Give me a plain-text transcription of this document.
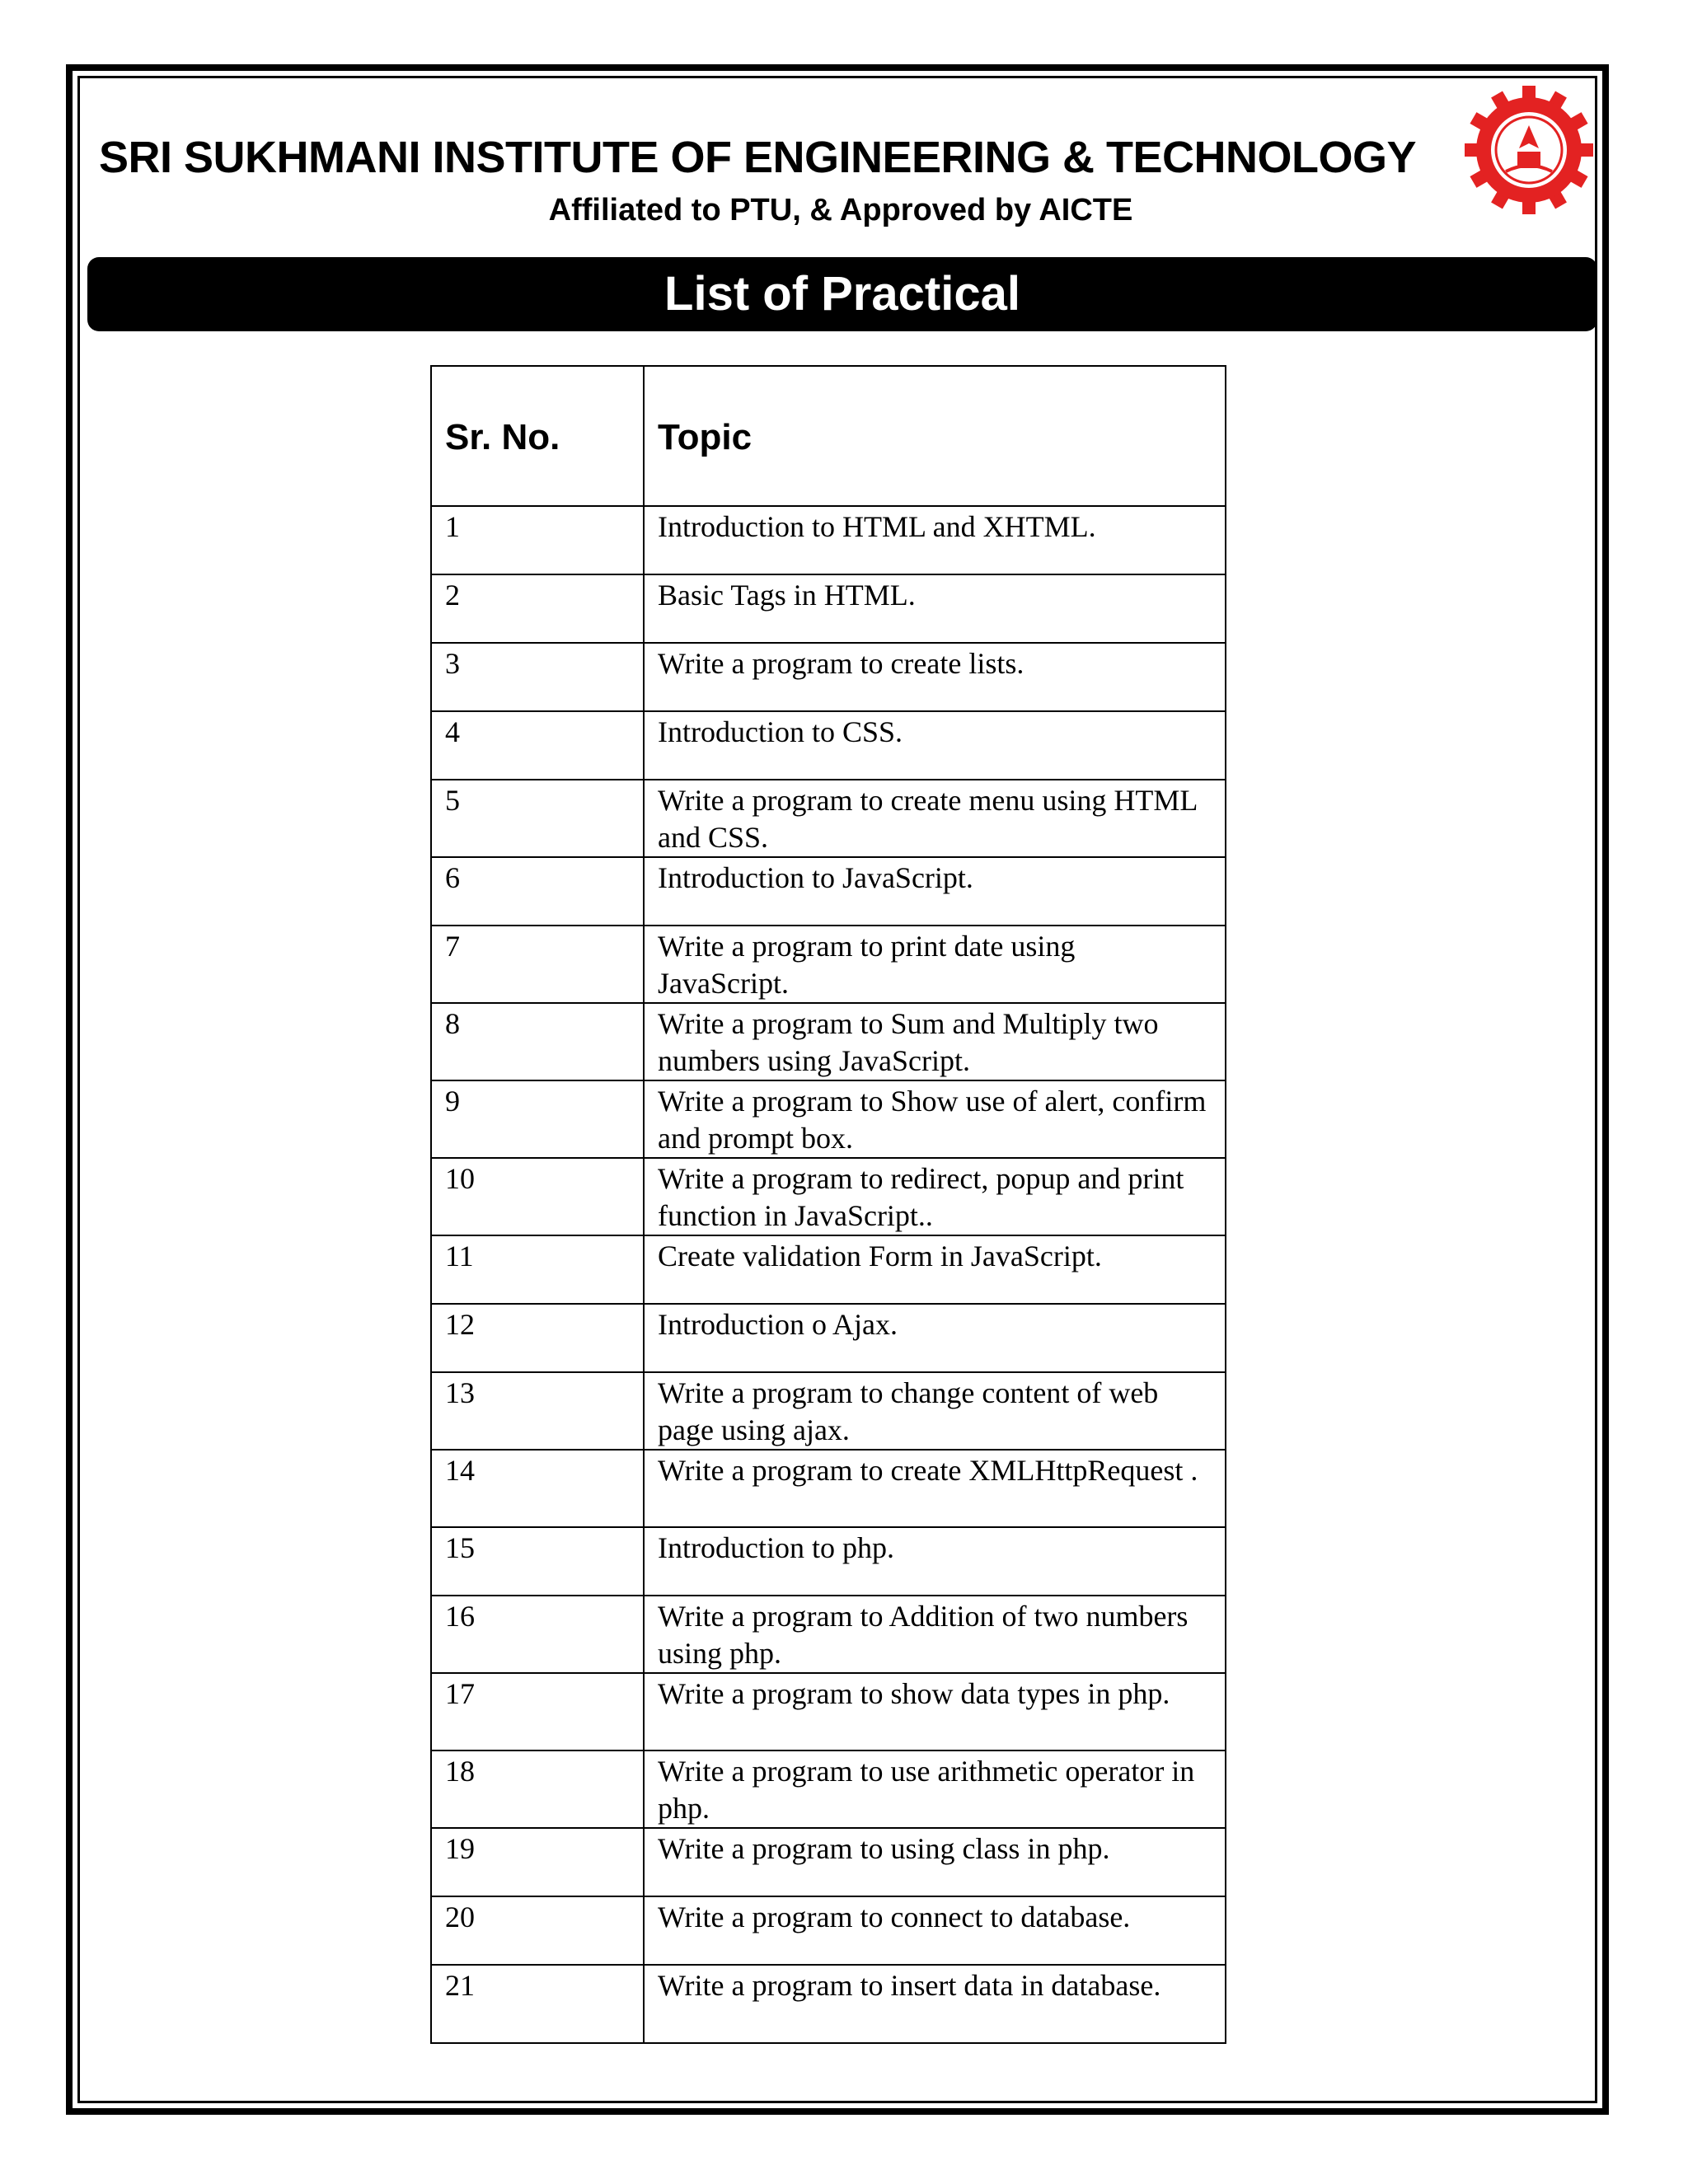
SRI SUKHMANI INSTITUTE OF ENGINEERING & TECHNOLOGY
Affiliated to PTU, & Approved by AICTE
List of Practical
Sr. No.	Topic
1	Introduction to HTML and XHTML.
2	Basic Tags in HTML.
3	Write a program to create lists.
4	Introduction to CSS.
5	Write a program to create menu using HTML and CSS.
6	Introduction to JavaScript.
7	Write a program to print date using JavaScript.
8	Write a program to Sum and Multiply two numbers using JavaScript.
9	Write a program to Show use of alert, confirm and prompt box.
10	Write a program to redirect, popup and print function in JavaScript..
11	Create validation Form in JavaScript.
12	Introduction o Ajax.
13	Write a program to change content of web page using ajax.
14	Write a program to create XMLHttpRequest .
15	Introduction to php.
16	Write a program to Addition of two numbers using php.
17	Write a program to show data types in php.
18	Write a program to use arithmetic operator in php.
19	Write a program to using class in php.
20	Write a program to connect to database.
21	Write a program to insert data in database.
